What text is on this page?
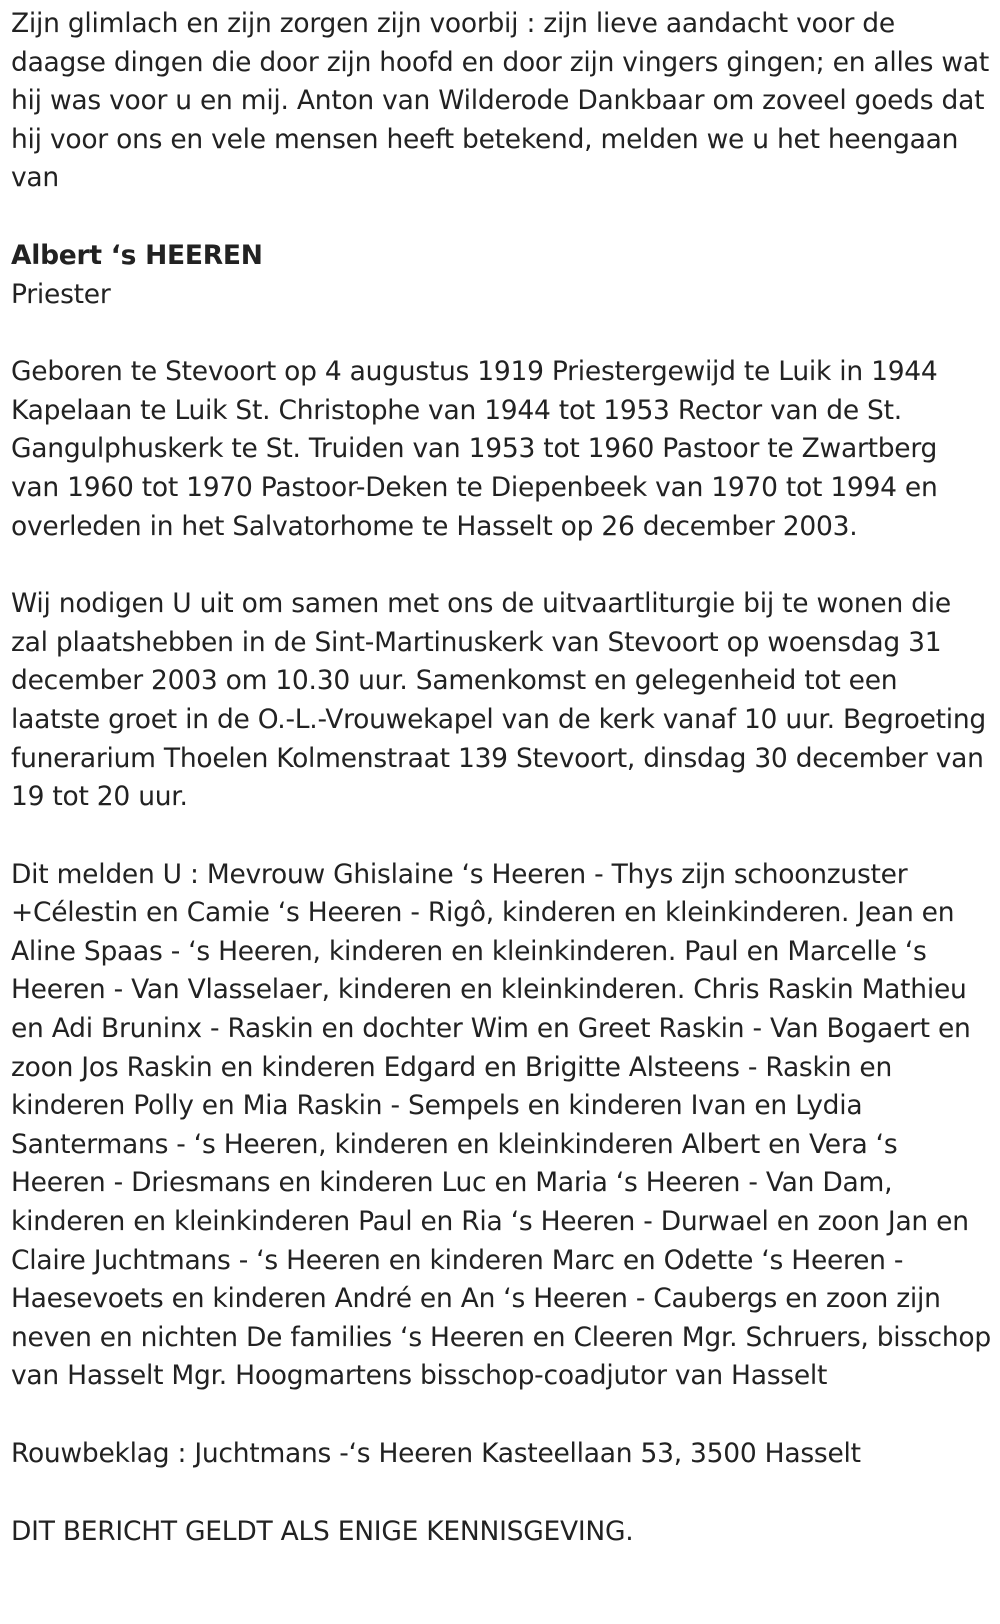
Zijn glimlach en zijn zorgen zijn voorbij : zijn lieve aandacht voor de daagse dingen die door zijn hoofd en door zijn vingers gingen; en alles wat hij was voor u en mij. Anton van Wilderode Dankbaar om zoveel goeds dat hij voor ons en vele mensen heeft betekend, melden we u het heengaan van

Albert ‘s HEEREN

Priester

Geboren te Stevoort op 4 augustus 1919 Priestergewijd te Luik in 1944 Kapelaan te Luik St. Christophe van 1944 tot 1953 Rector van de St. Gangulphuskerk te St. Truiden van 1953 tot 1960 Pastoor te Zwartberg van 1960 tot 1970 Pastoor-Deken te Diepenbeek van 1970 tot 1994 en overleden in het Salvatorhome te Hasselt op 26 december 2003.

Wij nodigen U uit om samen met ons de uitvaartliturgie bij te wonen die zal plaatshebben in de Sint-Martinuskerk van Stevoort op woensdag 31 december 2003 om 10.30 uur. Samenkomst en gelegenheid tot een laatste groet in de O.-L.-Vrouwekapel van de kerk vanaf 10 uur. Begroeting funerarium Thoelen Kolmenstraat 139 Stevoort, dinsdag 30 december van 19 tot 20 uur.

Dit melden U : Mevrouw Ghislaine ‘s Heeren - Thys zijn schoonzuster +Célestin en Camie ‘s Heeren - Rigô, kinderen en kleinkinderen. Jean en Aline Spaas - ‘s Heeren, kinderen en kleinkinderen. Paul en Marcelle ‘s Heeren - Van Vlasselaer, kinderen en kleinkinderen. Chris Raskin Mathieu en Adi Bruninx - Raskin en dochter Wim en Greet Raskin - Van Bogaert en zoon Jos Raskin en kinderen Edgard en Brigitte Alsteens - Raskin en kinderen Polly en Mia Raskin - Sempels en kinderen Ivan en Lydia Santermans - ‘s Heeren, kinderen en kleinkinderen Albert en Vera ‘s Heeren - Driesmans en kinderen Luc en Maria ‘s Heeren - Van Dam, kinderen en kleinkinderen Paul en Ria ‘s Heeren - Durwael en zoon Jan en Claire Juchtmans - ‘s Heeren en kinderen Marc en Odette ‘s Heeren - Haesevoets en kinderen André en An ‘s Heeren - Caubergs en zoon zijn neven en nichten De families ‘s Heeren en Cleeren Mgr. Schruers, bisschop van Hasselt Mgr. Hoogmartens bisschop-coadjutor van Hasselt

Rouwbeklag : Juchtmans -‘s Heeren Kasteellaan 53, 3500 Hasselt

DIT BERICHT GELDT ALS ENIGE KENNISGEVING.
